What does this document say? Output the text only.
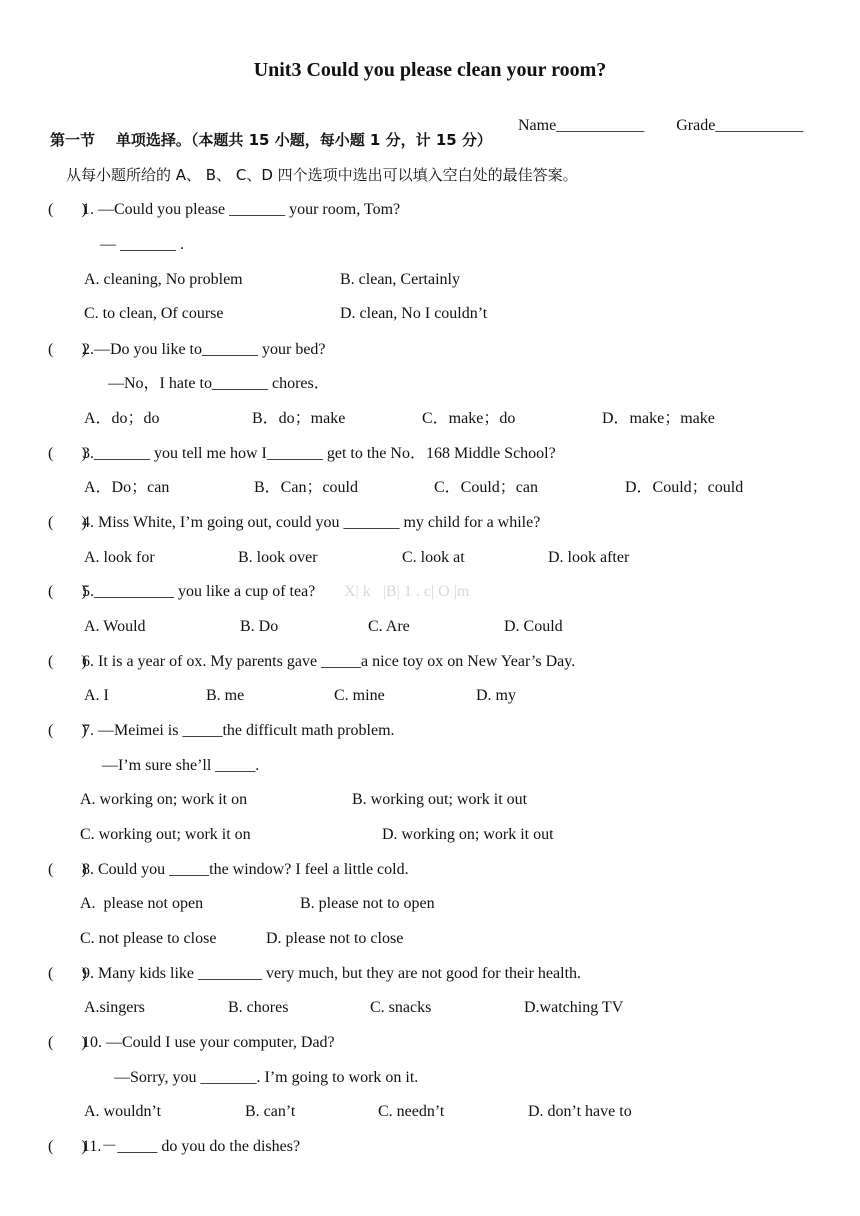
Unit3 Could you please clean your room?

Name___________ Grade___________

第一节    单项选择。（本题共 15 小题，每小题 1 分，计 15 分）
从每小题所给的 A、 B、 C、D 四个选项中选出可以填入空白处的最佳答案。
(       )
1. —Could you please _______ your room, Tom?
— _______ .
A. cleaning, No problem	B. clean, Certainly
C. to clean, Of course	D. clean, No I couldn’t
(       )
2.—Do you like to_______ your bed?
—No，I hate to_______ chores．
A．do；do	B．do；make	C．make；do	D．make；make
(       )
3._______ you tell me how I_______ get to the No．168 Middle School?
A．Do；can	B．Can；could	C．Could；can	D．Could；could
(       )
4. Miss White, I’m going out, could you _______ my child for a while?
A. look for	B. look over	C. look at	D. look after
(       )
5.__________ you like a cup of tea? X| k   |B| 1 . c| O |m
A. Would	B. Do	C. Are	D. Could
(       )
6. It is a year of ox. My parents gave _____a nice toy ox on New Year’s Day.
A. I	B. me	C. mine	D. my
(       )
7. —Meimei is _____the difficult math problem.
—I’m sure she’ll _____.
A. working on; work it on	B. working out; work it out
C. working out; work it on	D. working on; work it out
(       )
8. Could you _____the window? I feel a little cold.
A.  please not open	B. please not to open
C. not please to close	D. please not to close
(       )
9. Many kids like ________ very much, but they are not good for their health.
A.singers	B. chores	C. snacks	D.watching TV
(       )
10. —Could I use your computer, Dad?
—Sorry, you _______. I’m going to work on it.
A. wouldn’t	B. can’t	C. needn’t	D. don’t have to
(       )
11.－_____ do you do the dishes?
